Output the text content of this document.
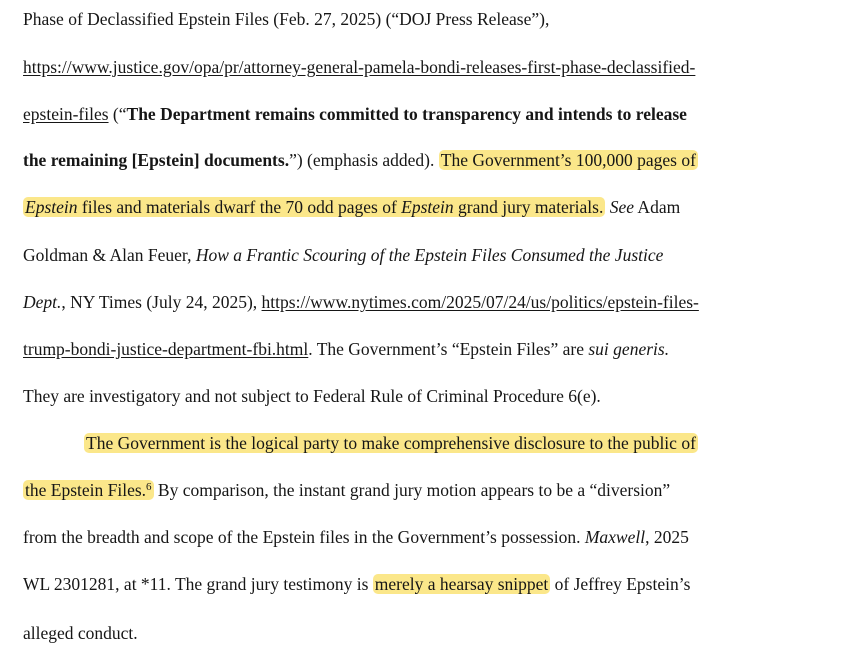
Phase of Declassified Epstein Files (Feb. 27, 2025) (“DOJ Press Release”),
https://www.justice.gov/opa/pr/attorney-general-pamela-bondi-releases-first-phase-declassified-
epstein-files (“The Department remains committed to transparency and intends to release
the remaining [Epstein] documents.”) (emphasis added). The Government’s 100,000 pages of
Epstein files and materials dwarf the 70 odd pages of Epstein grand jury materials. See Adam
Goldman & Alan Feuer, How a Frantic Scouring of the Epstein Files Consumed the Justice
Dept., NY Times (July 24, 2025), https://www.nytimes.com/2025/07/24/us/politics/epstein-files-
trump-bondi-justice-department-fbi.html. The Government’s “Epstein Files” are sui generis.
They are investigatory and not subject to Federal Rule of Criminal Procedure 6(e).
The Government is the logical party to make comprehensive disclosure to the public of
the Epstein Files.$^6$ By comparison, the instant grand jury motion appears to be a “diversion”
from the breadth and scope of the Epstein files in the Government’s possession. Maxwell, 2025
WL 2301281, at *11. The grand jury testimony is merely a hearsay snippet of Jeffrey Epstein’s
alleged conduct.
